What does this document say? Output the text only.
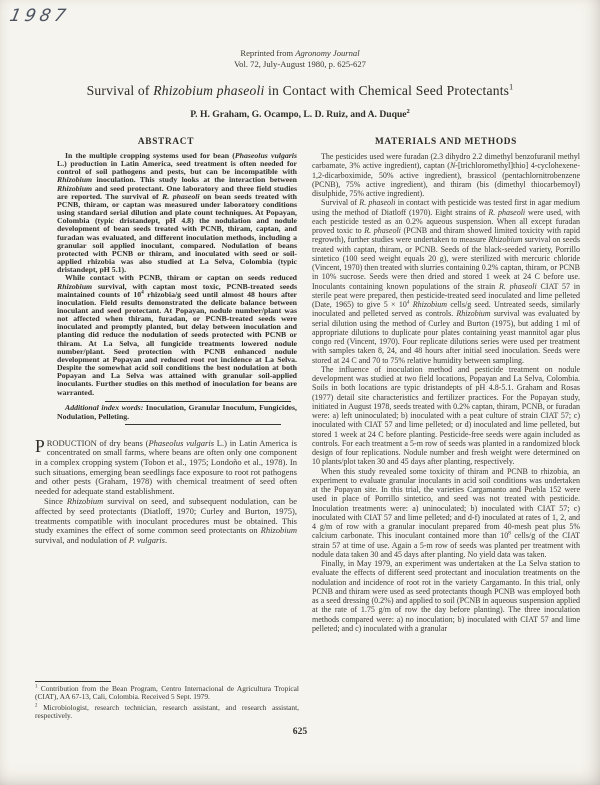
1987
Reprinted from Agronomy Journal
Vol. 72, July-August 1980, p. 625-627
Survival of Rhizobium phaseoli in Contact with Chemical Seed Protectants$^1$
P. H. Graham, G. Ocampo, L. D. Ruiz, and A. Duque$^2$
ABSTRACT

In the multiple cropping systems used for bean (Phaseolus vulgaris L.) production in Latin America, seed treatment is often needed for control of soil pathogens and pests, but can be incompatible with Rhizobium inoculation. This study looks at the interaction between Rhizobium and seed protectant. One laboratory and three field studies are reported. The survival of R. phaseoli on bean seeds treated with PCNB, thiram, or captan was measured under laboratory conditions using standard serial dilution and plate count techniques. At Popayan, Colombia (typic dristandept, pH 4.8) the nodulation and nodule development of bean seeds treated with PCNB, thiram, captan, and furadan was evaluated, and different inoculation methods, including a granular soil applied inoculant, compared. Nodulation of beans protected with PCNB or thiram, and inoculated with seed or soil-applied rhizobia was also studied at La Selva, Colombia (typic dristandept, pH 5.1).

While contact with PCNB, thiram or captan on seeds reduced Rhizobium survival, with captan most toxic, PCNB-treated seeds maintained counts of $10^4$ rhizobia/g seed until almost 48 hours after inoculation. Field results demonstrated the delicate balance between inoculant and seed protectant. At Popayan, nodule number/plant was not affected when thiram, furadan, or PCNB-treated seeds were inoculated and promptly planted, but delay between inoculation and planting did reduce the nodulation of seeds protected with PCNB or thiram. At La Selva, all fungicide treatments lowered nodule number/plant. Seed protection with PCNB enhanced nodule development at Popayan and reduced root rot incidence at La Selva. Despite the somewhat acid soil conditions the best nodulation at both Popayan and La Selva was attained with granular soil-applied inoculants. Further studies on this method of inoculation for beans are warranted.

Additional index words: Inoculation, Granular Inoculum, Fungicides, Nodulation, Pelleting.

PRODUCTION of dry beans (Phaseolus vulgaris L.) in Latin America is concentrated on small farms, where beans are often only one component in a complex cropping system (Tobon et al., 1975; Londoño et al., 1978). In such situations, emerging bean seedlings face exposure to root rot pathogens and other pests (Graham, 1978) with chemical treatment of seed often needed for adequate stand establishment.

Since Rhizobium survival on seed, and subsequent nodulation, can be affected by seed protectants (Diatloff, 1970; Curley and Burton, 1975), treatments compatible with inoculant procedures must be obtained. This study examines the effect of some common seed protectants on Rhizobium survival, and nodulation of P. vulgaris.

MATERIALS AND METHODS

The pesticides used were furadan (2.3 dihydro 2.2 dimethyl benzofuranil methyl carbamate, 3% active ingredient), captan (N-[trichloromethyl]thio] 4-cyclohexene-1,2-dicarboximide, 50% active ingredient), brassicol (pentachlornitrobenzene (PCNB), 75% active ingredient), and thiram (bis (dimethyl thiocarbemoyl) disulphide, 75% active ingredient).

Survival of R. phaseoli in contact with pesticide was tested first in agar medium using the method of Diatloff (1970). Eight strains of R. phaseoli were used, with each pesticide tested as an 0.2% aqueous suspension. When all except furadan proved toxic to R. phaseoli (PCNB and thiram showed limited toxicity with rapid regrowth), further studies were undertaken to measure Rhizobium survival on seeds treated with captan, thiram, or PCNB. Seeds of the black-seeded variety, Porrillo sintetico (100 seed weight equals 20 g), were sterilized with mercuric chloride (Vincent, 1970) then treated with slurries containing 0.2% captan, thiram, or PCNB in 10% sucrose. Seeds were then dried and stored 1 week at 24 C before use. Inoculants containing known populations of the strain R. phaseoli CIAT 57 in sterile peat were prepared, then pesticide-treated seed inoculated and lime pelleted (Date, 1965) to give $5 \times 10^4$ Rhizobium cells/g seed. Untreated seeds, similarly inoculated and pelleted served as controls. Rhizobium survival was evaluated by serial dilution using the method of Curley and Burton (1975), but adding 1 ml of appropriate dilutions to duplicate pour plates containing yeast mannitol agar plus congo red (Vincent, 1970). Four replicate dilutions series were used per treatment with samples taken 8, 24, and 48 hours after initial seed inoculation. Seeds were stored at 24 C and 70 to 75% relative humidity between sampling.

The influence of inoculation method and pesticide treatment on nodule development was studied at two field locations, Popayan and La Selva, Colombia. Soils in both locations are typic dristandepts of pH 4.8-5.1. Graham and Rosas (1977) detail site characteristics and fertilizer practices. For the Popayan study, initiated in August 1978, seeds treated with 0.2% captan, thiram, PCNB, or furadan were: a) left uninoculated; b) inoculated with a peat culture of strain CIAT 57; c) inoculated with CIAT 57 and lime pelleted; or d) inoculated and lime pelleted, but stored 1 week at 24 C before planting. Pesticide-free seeds were again included as controls. For each treatment a 5-m row of seeds was planted in a randomized block design of four replications. Nodule number and fresh weight were determined on 10 plants/plot taken 30 and 45 days after planting, respectively.

When this study revealed some toxicity of thiram and PCNB to rhizobia, an experiment to evaluate granular inoculants in acid soil conditions was undertaken at the Popayan site. In this trial, the varieties Cargamanto and Puebla 152 were used in place of Porrillo sintetico, and seed was not treated with pesticide. Inoculation treatments were: a) uninoculated; b) inoculated with CIAT 57; c) inoculated with CIAT 57 and lime pelleted; and d-f) inoculated at rates of 1, 2, and 4 g/m of row with a granular inoculant prepared from 40-mesh peat plus 5% calcium carbonate. This inoculant contained more than $10^8$ cells/g of the CIAT strain 57 at time of use. Again a 5-m row of seeds was planted per treatment with nodule data taken 30 and 45 days after planting. No yield data was taken.

Finally, in May 1979, an experiment was undertaken at the La Selva station to evaluate the effects of different seed protectant and inoculation treatments on the nodulation and incidence of root rot in the variety Cargamanto. In this trial, only PCNB and thiram were used as seed protectants though PCNB was employed both as a seed dressing (0.2%) and applied to soil (PCNB in aqueous suspension applied at the rate of 1.75 g/m of row the day before planting). The three inoculation methods compared were: a) no inoculation; b) inoculated with CIAT 57 and lime pelleted; and c) inoculated with a granular

$^1$ Contribution from the Bean Program, Centro Internacional de Agricultura Tropical (CIAT), AA 67-13, Cali, Colombia. Received 5 Sept. 1979.

$^2$ Microbiologist, research technician, research assistant, and research assistant, respectively.

625
